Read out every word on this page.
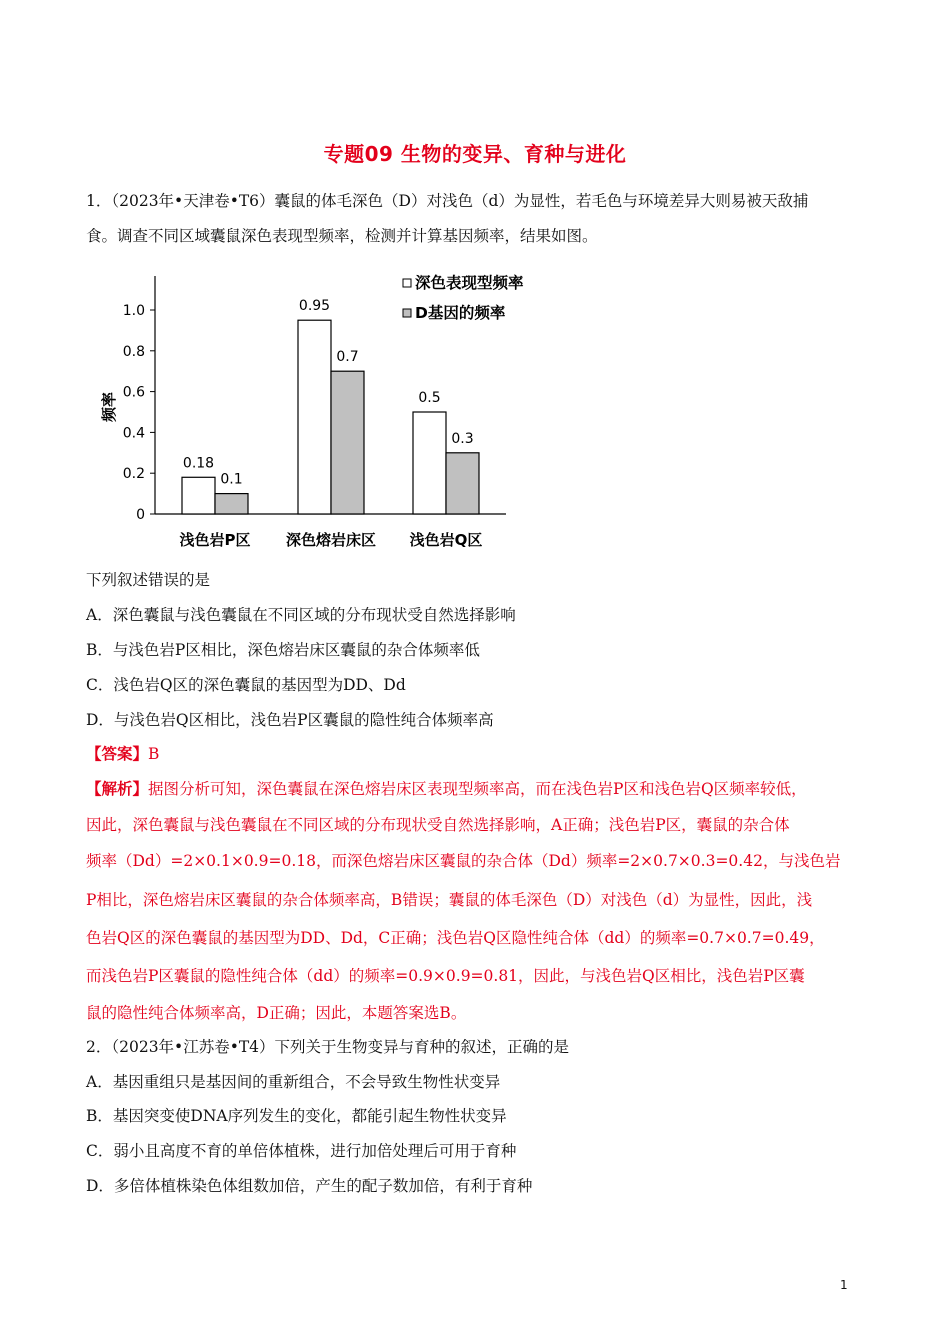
专题09 生物的变异、育种与进化
1．（2023年•天津卷•T6）囊鼠的体毛深色（D）对浅色（d）为显性，若毛色与环境差异大则易被天敌捕
食。调查不同区域囊鼠深色表现型频率，检测并计算基因频率，结果如图。
0
0.2
0.4
0.6
0.8
1.0
0.18
0.1
0.95
0.7
0.5
0.3
浅色岩P区 深色熔岩床区 浅色岩Q区
频率
深色表现型频率
D基因的频率
下列叙述错误的是
A．深色囊鼠与浅色囊鼠在不同区域的分布现状受自然选择影响
B．与浅色岩P区相比，深色熔岩床区囊鼠的杂合体频率低
C．浅色岩Q区的深色囊鼠的基因型为DD、Dd
D．与浅色岩Q区相比，浅色岩P区囊鼠的隐性纯合体频率高
【答案】B
【解析】据图分析可知，深色囊鼠在深色熔岩床区表现型频率高，而在浅色岩P区和浅色岩Q区频率较低，
因此，深色囊鼠与浅色囊鼠在不同区域的分布现状受自然选择影响，A正确；浅色岩P区，囊鼠的杂合体
频率（Dd）=2×0.1×0.9=0.18，而深色熔岩床区囊鼠的杂合体（Dd）频率=2×0.7×0.3=0.42，与浅色岩
P相比，深色熔岩床区囊鼠的杂合体频率高，B错误；囊鼠的体毛深色（D）对浅色（d）为显性，因此，浅
色岩Q区的深色囊鼠的基因型为DD、Dd，C正确；浅色岩Q区隐性纯合体（dd）的频率=0.7×0.7=0.49，
而浅色岩P区囊鼠的隐性纯合体（dd）的频率=0.9×0.9=0.81，因此，与浅色岩Q区相比，浅色岩P区囊
鼠的隐性纯合体频率高，D正确；因此，本题答案选B。
2．（2023年•江苏卷•T4）下列关于生物变异与育种的叙述，正确的是
A．基因重组只是基因间的重新组合，不会导致生物性状变异
B．基因突变使DNA序列发生的变化，都能引起生物性状变异
C．弱小且高度不育的单倍体植株，进行加倍处理后可用于育种
D．多倍体植株染色体组数加倍，产生的配子数加倍，有利于育种
1
